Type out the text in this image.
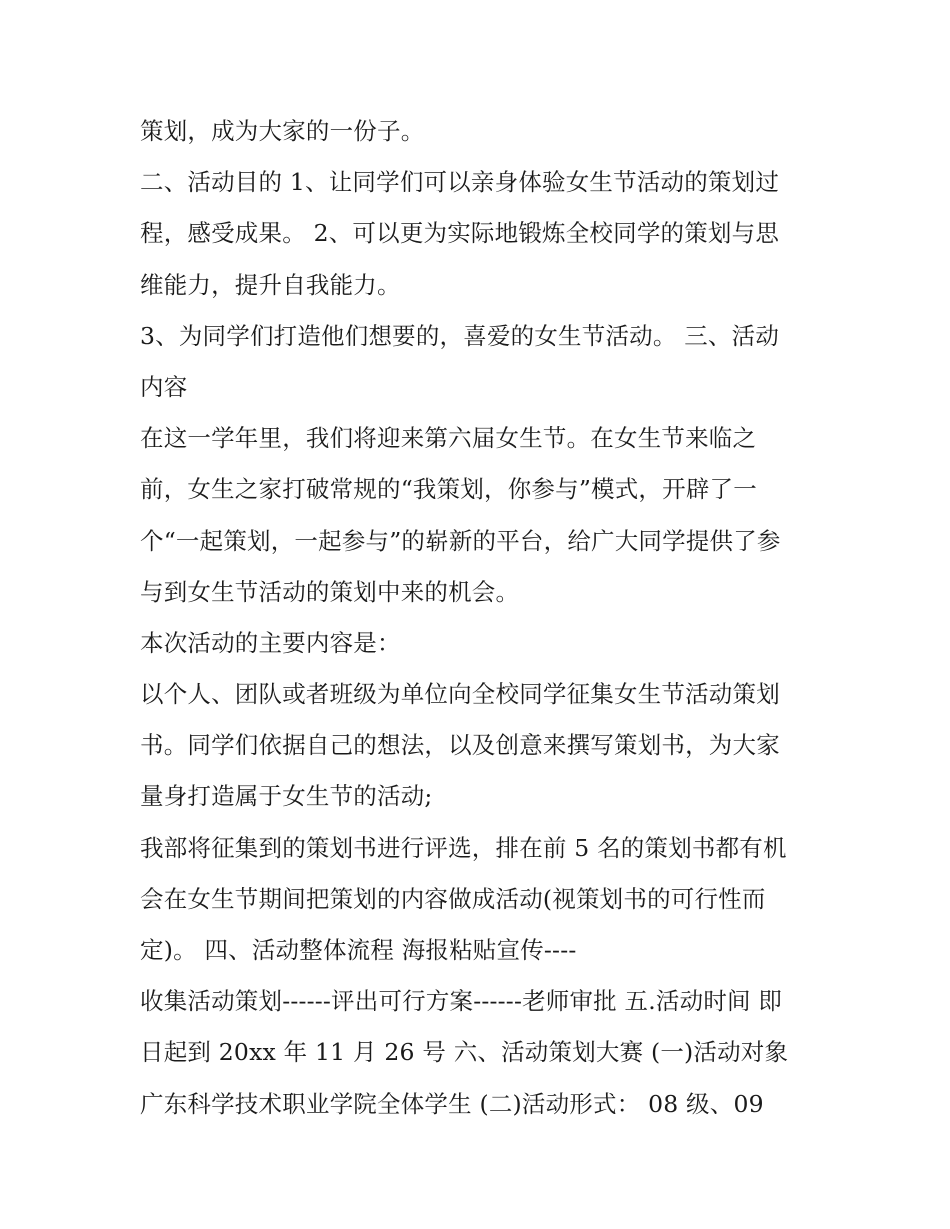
策划，成为大家的一份子。
二、活动目的 1、让同学们可以亲身体验女生节活动的策划过
程，感受成果。 2、可以更为实际地锻炼全校同学的策划与思
维能力，提升自我能力。
3、为同学们打造他们想要的，喜爱的女生节活动。 三、活动
内容
在这一学年里，我们将迎来第六届女生节。在女生节来临之
前，女生之家打破常规的“我策划，你参与”模式，开辟了一
个“一起策划，一起参与”的崭新的平台，给广大同学提供了参
与到女生节活动的策划中来的机会。
本次活动的主要内容是：
以个人、团队或者班级为单位向全校同学征集女生节活动策划
书。同学们依据自己的想法，以及创意来撰写策划书，为大家
量身打造属于女生节的活动;
我部将征集到的策划书进行评选，排在前 5 名的策划书都有机
会在女生节期间把策划的内容做成活动(视策划书的可行性而
定)。 四、活动整体流程 海报粘贴宣传----
收集活动策划------评出可行方案------老师审批 五.活动时间 即
日起到 20xx 年 11 月 26 号 六、活动策划大赛 (一)活动对象
广东科学技术职业学院全体学生 (二)活动形式： 08 级、09
